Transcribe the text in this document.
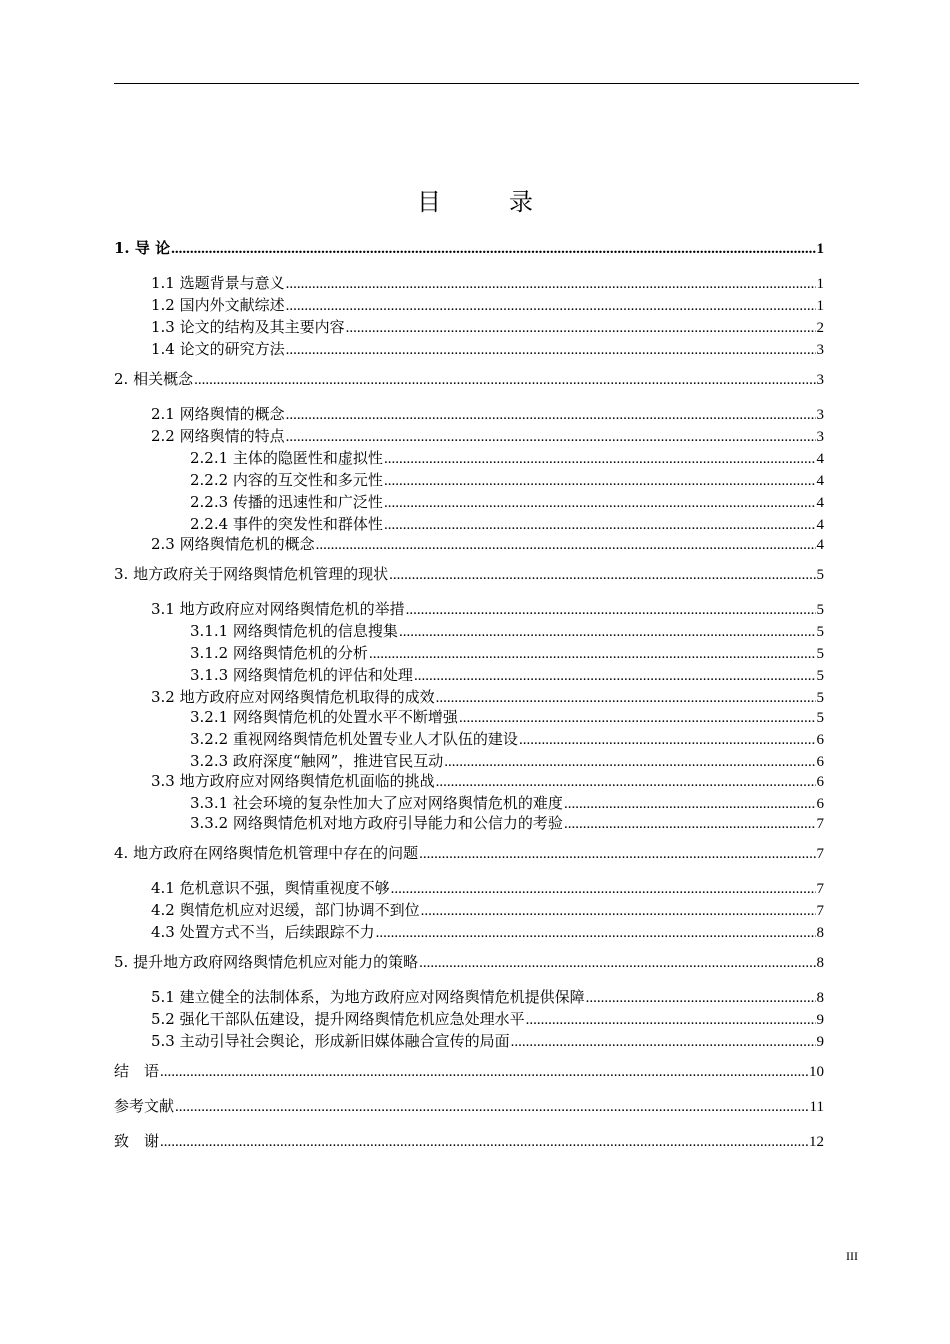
目　录
1. 导 论 .....	1
1.1 选题背景与意义 .....	1
1.2 国内外文献综述 .....	1
1.3 论文的结构及其主要内容 .....	2
1.4 论文的研究方法 .....	3
2. 相关概念 .....	3
2.1 网络舆情的概念 .....	3
2.2 网络舆情的特点 .....	3
2.2.1 主体的隐匿性和虚拟性 .....	4
2.2.2 内容的互交性和多元性 .....	4
2.2.3 传播的迅速性和广泛性 .....	4
2.2.4 事件的突发性和群体性 .....	4
2.3 网络舆情危机的概念 .....	4
3. 地方政府关于网络舆情危机管理的现状 .....	5
3.1 地方政府应对网络舆情危机的举措 .....	5
3.1.1 网络舆情危机的信息搜集 .....	5
3.1.2 网络舆情危机的分析 .....	5
3.1.3 网络舆情危机的评估和处理 .....	5
3.2 地方政府应对网络舆情危机取得的成效 .....	5
3.2.1 网络舆情危机的处置水平不断增强 .....	5
3.2.2 重视网络舆情危机处置专业人才队伍的建设 .....	6
3.2.3 政府深度“触网”，推进官民互动 .....	6
3.3 地方政府应对网络舆情危机面临的挑战 .....	6
3.3.1 社会环境的复杂性加大了应对网络舆情危机的难度 .....	6
3.3.2 网络舆情危机对地方政府引导能力和公信力的考验 .....	7
4. 地方政府在网络舆情危机管理中存在的问题 .....	7
4.1 危机意识不强，舆情重视度不够 .....	7
4.2 舆情危机应对迟缓，部门协调不到位 .....	7
4.3 处置方式不当，后续跟踪不力 .....	8
5. 提升地方政府网络舆情危机应对能力的策略 .....	8
5.1 建立健全的法制体系，为地方政府应对网络舆情危机提供保障 .....	8
5.2 强化干部队伍建设，提升网络舆情危机应急处理水平 .....	9
5.3 主动引导社会舆论，形成新旧媒体融合宣传的局面 .....	9
结　语 .....	10
参考文献 .....	11
致　谢 .....	12
III
